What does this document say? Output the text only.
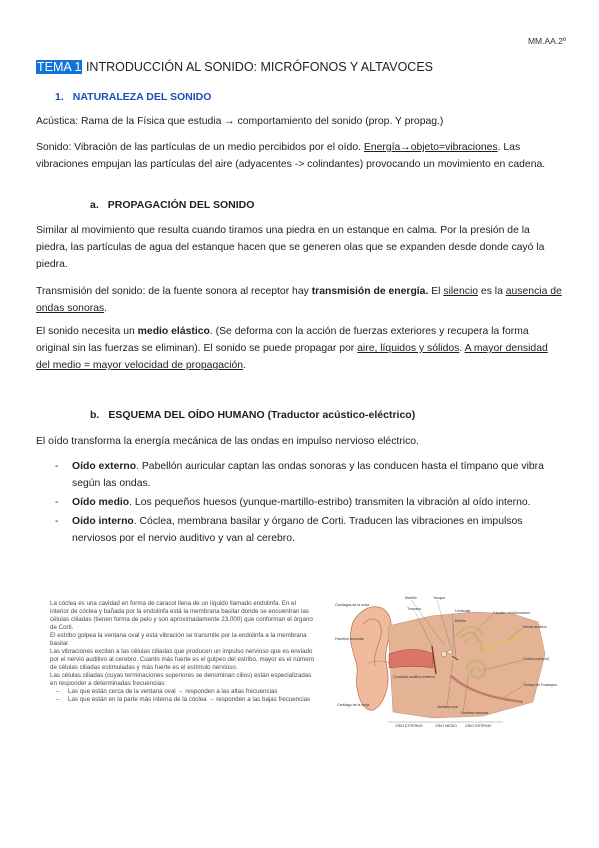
MM.AA.2º
TEMA 1 INTRODUCCIÓN AL SONIDO: MICRÓFONOS Y ALTAVOCES
1. NATURALEZA DEL SONIDO
Acústica: Rama de la Física que estudia → comportamiento del sonido (prop. Y propag.)
Sonido: Vibración de las partículas de un medio percibidos por el oído. Energía→objeto=vibraciones. Las vibraciones empujan las partículas del aire (adyacentes -> colindantes) provocando un movimiento en cadena.
a. PROPAGACIÓN DEL SONIDO
Similar al movimiento que resulta cuando tiramos una piedra en un estanque en calma. Por la presión de la piedra, las partículas de agua del estanque hacen que se generen olas que se expanden desde donde cayó la piedra.
Transmisión del sonido: de la fuente sonora al receptor hay transmisión de energía. El silencio es la ausencia de ondas sonoras.
El sonido necesita un medio elástico. (Se deforma con la acción de fuerzas exteriores y recupera la forma original sin las fuerzas se eliminan). El sonido se puede propagar por aire, líquidos y sólidos. A mayor densidad del medio = mayor velocidad de propagación.
b. ESQUEMA DEL OÍDO HUMANO (Traductor acústico-eléctrico)
El oído transforma la energía mecánica de las ondas en impulso nervioso eléctrico.
-	Oído externo. Pabellón auricular captan las ondas sonoras y las conducen hasta el tímpano que vibra según las ondas.
-	Oído medio. Los pequeños huesos (yunque-martillo-estribo) transmiten la vibración al oído interno.
-	Oido interno. Cóclea, membrana basilar y órgano de Corti. Traducen las vibraciones en impulsos nerviosos por el nervio auditivo y van al cerebro.
La cóclea es una cavidad en forma de caracol llena de un líquido llamado endolinfa. En el interior de cóclea y bañada por la endolinfa está la membrana basilar donde se encuentran las células ciliadas (tienen forma de pelo y son aproximadamente 23.000) que conforman el órgano de Corti.
El estribo golpea la ventana oval y esta vibración se transmite por la endolinfa a la membrana basilar.
Las vibraciones excitan a las células ciliadas que producen un impulso nervioso que es enviado por el nervio auditivo al cerebro. Cuanto más fuerte es el golpeo del estribo, mayor es el número de células ciliadas estimuladas y más fuerte es el estímulo nervioso.
Las células ciliadas (cuyas terminaciones superiores se denominan cilios) están especializadas en responder a determinadas frecuencias:
–	Las que están cerca de la ventana oval → responden a las altas frecuencias
–	Las que están en la parte más interna de la cóclea → responden a las bajas frecuencias
Martillo	Yunque
Cartílagos de la oreja
Tímpano	Lenticular
Estribo
Canales semicirculares
Nervio auditivo
Pabellón auricular
Conducto auditivo externo
Cóclea (caracol)
Trompa de Eustaquio
Ventana oval
Ventana redonda
Cartílago de la oreja
OÍDO EXTERNO	OÍDO MEDIO OÍDO INTERNO
